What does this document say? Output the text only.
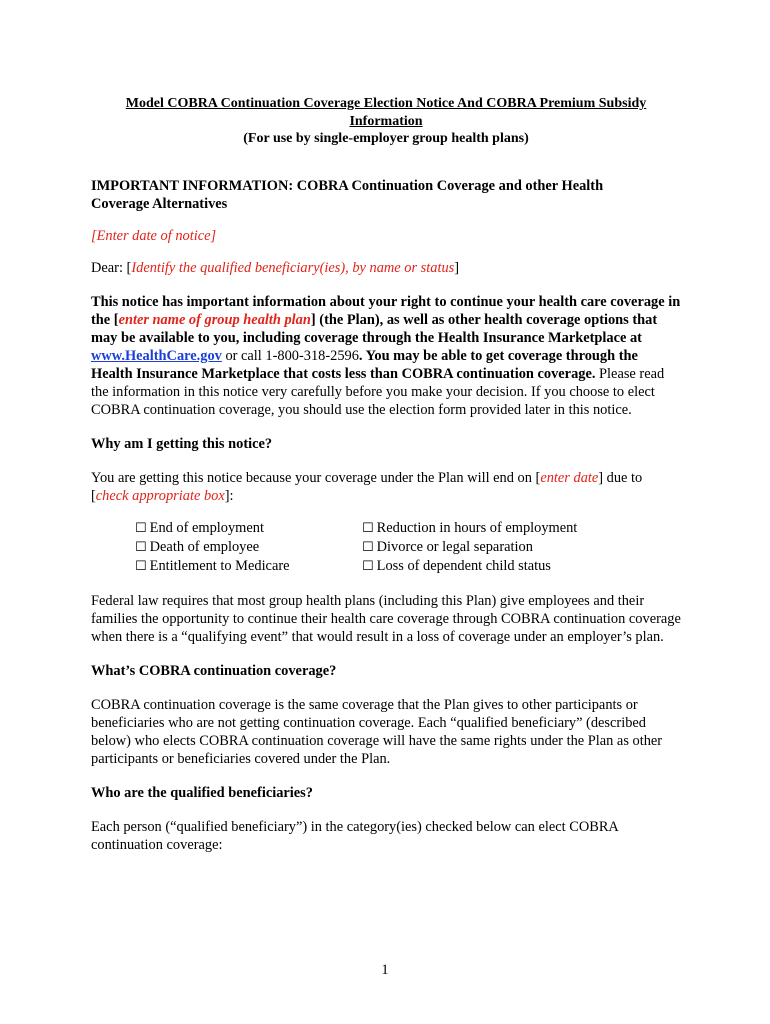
Model COBRA Continuation Coverage Election Notice And COBRA Premium Subsidy
Information
(For use by single-employer group health plans)
IMPORTANT INFORMATION: COBRA Continuation Coverage and other Health
Coverage Alternatives

[Enter date of notice]

Dear: [Identify the qualified beneficiary(ies), by name or status]

This notice has important information about your right to continue your health care coverage in the [enter name of group health plan] (the Plan), as well as other health coverage options that may be available to you, including coverage through the Health Insurance Marketplace at www.HealthCare.gov or call 1-800-318-2596. You may be able to get coverage through the Health Insurance Marketplace that costs less than COBRA continuation coverage. Please read the information in this notice very carefully before you make your decision. If you choose to elect COBRA continuation coverage, you should use the election form provided later in this notice.

Why am I getting this notice?

You are getting this notice because your coverage under the Plan will end on [enter date] due to [check appropriate box]:

☐ End of employment
☐ Death of employee
☐ Entitlement to Medicare
☐ Reduction in hours of employment
☐ Divorce or legal separation
☐ Loss of dependent child status

Federal law requires that most group health plans (including this Plan) give employees and their families the opportunity to continue their health care coverage through COBRA continuation coverage when there is a “qualifying event” that would result in a loss of coverage under an employer’s plan.

What’s COBRA continuation coverage?

COBRA continuation coverage is the same coverage that the Plan gives to other participants or beneficiaries who are not getting continuation coverage. Each “qualified beneficiary” (described below) who elects COBRA continuation coverage will have the same rights under the Plan as other participants or beneficiaries covered under the Plan.

Who are the qualified beneficiaries?

Each person (“qualified beneficiary”) in the category(ies) checked below can elect COBRA continuation coverage:

1
